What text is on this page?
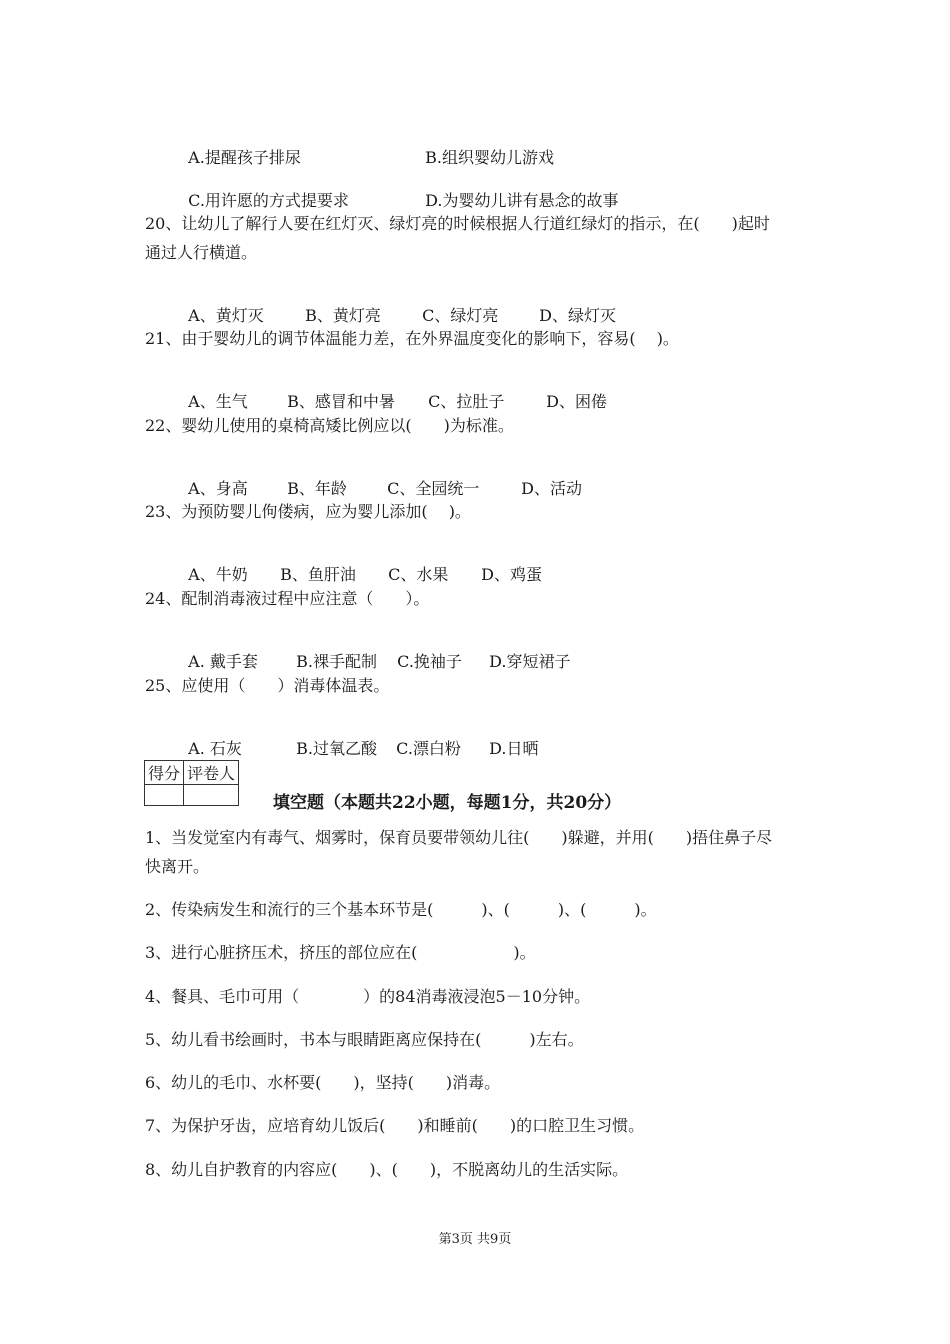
A.提醒孩子排尿	B.组织婴幼儿游戏

C.用许愿的方式提要求	D.为婴幼儿讲有悬念的故事

20、让幼儿了解行人要在红灯灭、绿灯亮的时候根据人行道红绿灯的指示，在(　　)起时
通过人行横道。

A、黄灯灭	B、黄灯亮	C、绿灯亮	D、绿灯灭

21、由于婴幼儿的调节体温能力差，在外界温度变化的影响下，容易(　 )。

A、生气 B、感冒和中暑 C、拉肚子	D、困倦

22、婴幼儿使用的桌椅高矮比例应以(　　)为标准。

A、身高 B、年龄	C、全园统一	D、活动

23、为预防婴儿佝偻病，应为婴儿添加(　 )。

A、牛奶 B、鱼肝油 C、水果 D、鸡蛋

24、配制消毒液过程中应注意（　　）。

A. 戴手套 B.裸手配制 C.挽袖子 D.穿短裙子

25、应使用（　　）消毒体温表。

A. 石灰	B.过氧乙酸 C.漂白粉 D.日晒

得分	评卷人

填空题（本题共22小题，每题1分，共20分）
1、当发觉室内有毒气、烟雾时，保育员要带领幼儿往(　　)躲避，并用(　　)捂住鼻子尽
快离开。
2、传染病发生和流行的三个基本环节是(　　　)、(　　　)、(　　　)。
3、进行心脏挤压术，挤压的部位应在(　　　　　　)。
4、餐具、毛巾可用（　　　　）的84消毒液浸泡5－10分钟。
5、幼儿看书绘画时，书本与眼睛距离应保持在(　　　)左右。
6、幼儿的毛巾、水杯要(　　)，坚持(　　)消毒。
7、为保护牙齿，应培育幼儿饭后(　　)和睡前(　　)的口腔卫生习惯。
8、幼儿自护教育的内容应(　　)、(　　)，不脱离幼儿的生活实际。
第3页 共9页
